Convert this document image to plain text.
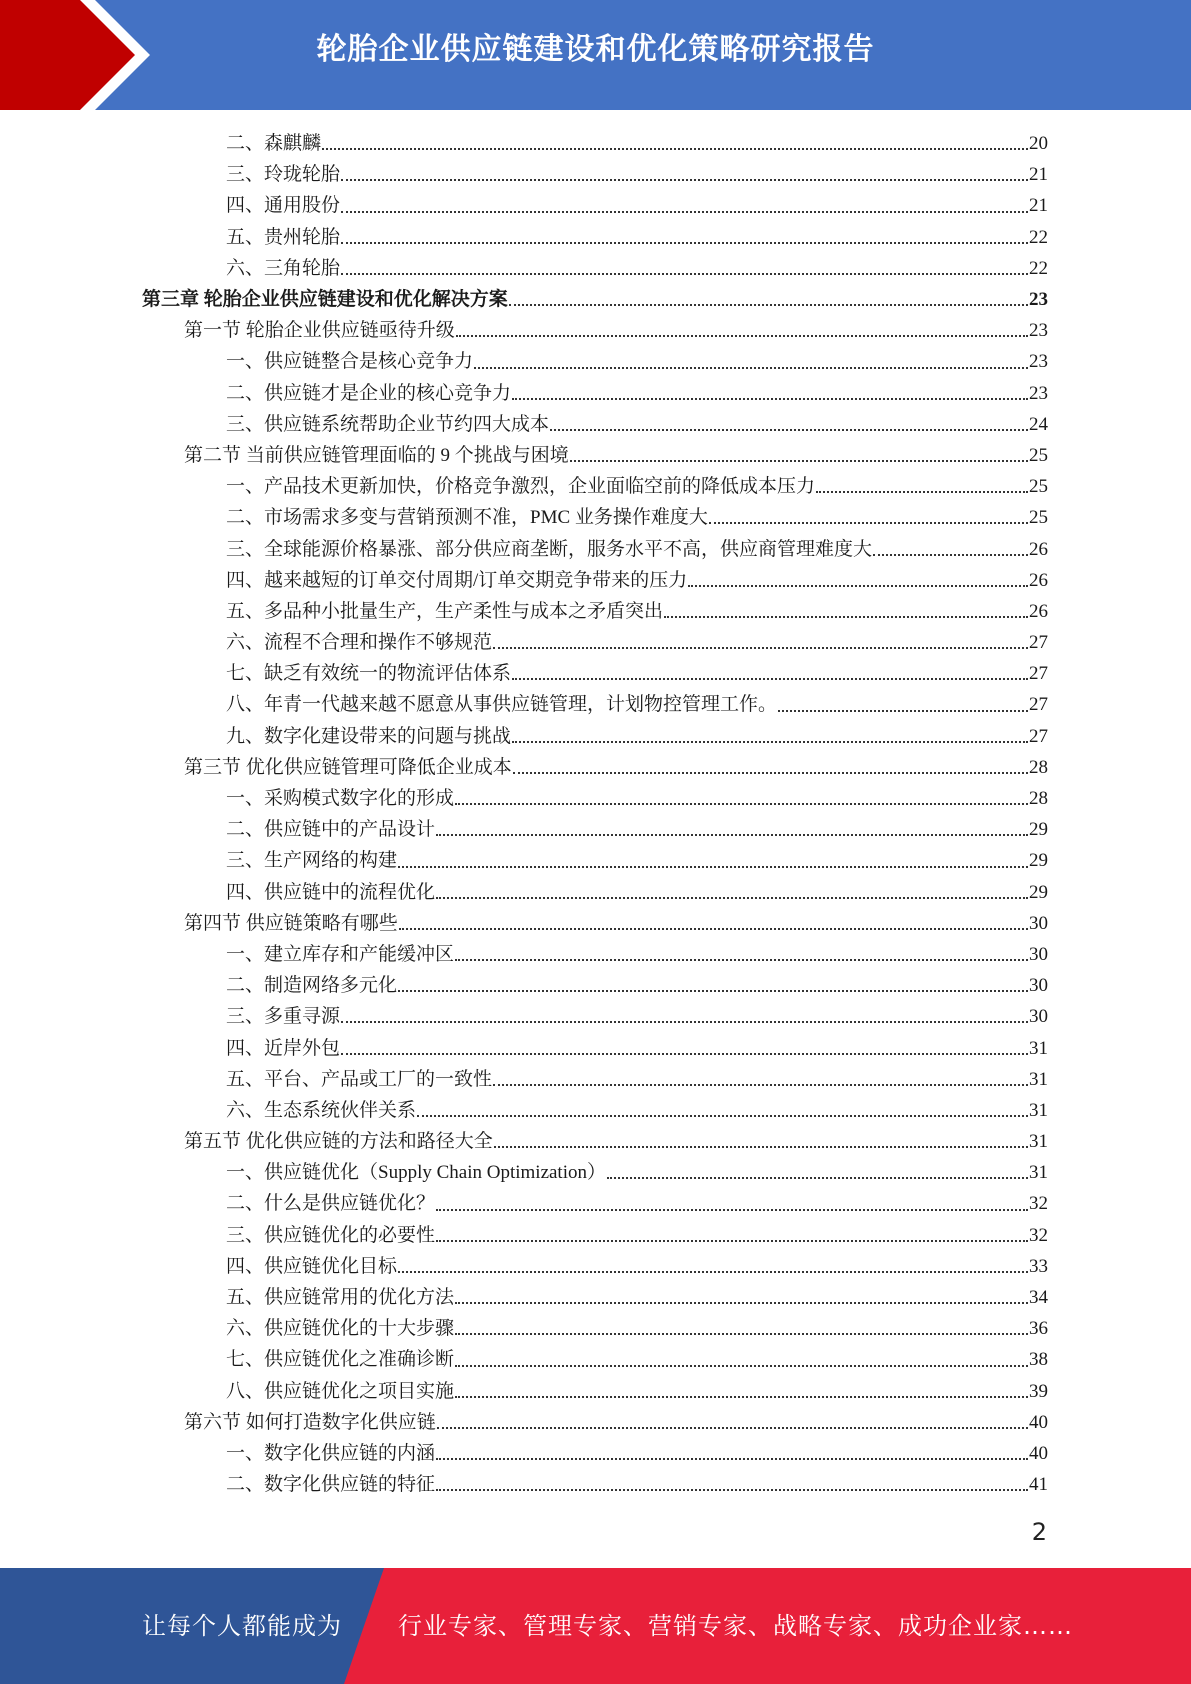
轮胎企业供应链建设和优化策略研究报告
二、森麒麟	20
三、玲珑轮胎	21
四、通用股份	21
五、贵州轮胎	22
六、三角轮胎	22
第三章 轮胎企业供应链建设和优化解决方案	23
第一节 轮胎企业供应链亟待升级	23
一、供应链整合是核心竞争力	23
二、供应链才是企业的核心竞争力	23
三、供应链系统帮助企业节约四大成本	24
第二节 当前供应链管理面临的 9 个挑战与困境	25
一、产品技术更新加快，价格竞争激烈，企业面临空前的降低成本压力	25
二、市场需求多变与营销预测不准，PMC 业务操作难度大	25
三、全球能源价格暴涨、部分供应商垄断，服务水平不高，供应商管理难度大	26
四、越来越短的订单交付周期/订单交期竞争带来的压力	26
五、多品种小批量生产，生产柔性与成本之矛盾突出	26
六、流程不合理和操作不够规范	27
七、缺乏有效统一的物流评估体系	27
八、年青一代越来越不愿意从事供应链管理，计划物控管理工作。	27
九、数字化建设带来的问题与挑战	27
第三节 优化供应链管理可降低企业成本	28
一、采购模式数字化的形成	28
二、供应链中的产品设计	29
三、生产网络的构建	29
四、供应链中的流程优化	29
第四节 供应链策略有哪些	30
一、建立库存和产能缓冲区	30
二、制造网络多元化	30
三、多重寻源	30
四、近岸外包	31
五、平台、产品或工厂的一致性	31
六、生态系统伙伴关系	31
第五节 优化供应链的方法和路径大全	31
一、供应链优化（Supply Chain Optimization）	31
二、什么是供应链优化？	32
三、供应链优化的必要性	32
四、供应链优化目标	33
五、供应链常用的优化方法	34
六、供应链优化的十大步骤	36
七、供应链优化之准确诊断	38
八、供应链优化之项目实施	39
第六节 如何打造数字化供应链	40
一、数字化供应链的内涵	40
二、数字化供应链的特征	41
2
让每个人都能成为 行业专家、管理专家、营销专家、战略专家、成功企业家……
